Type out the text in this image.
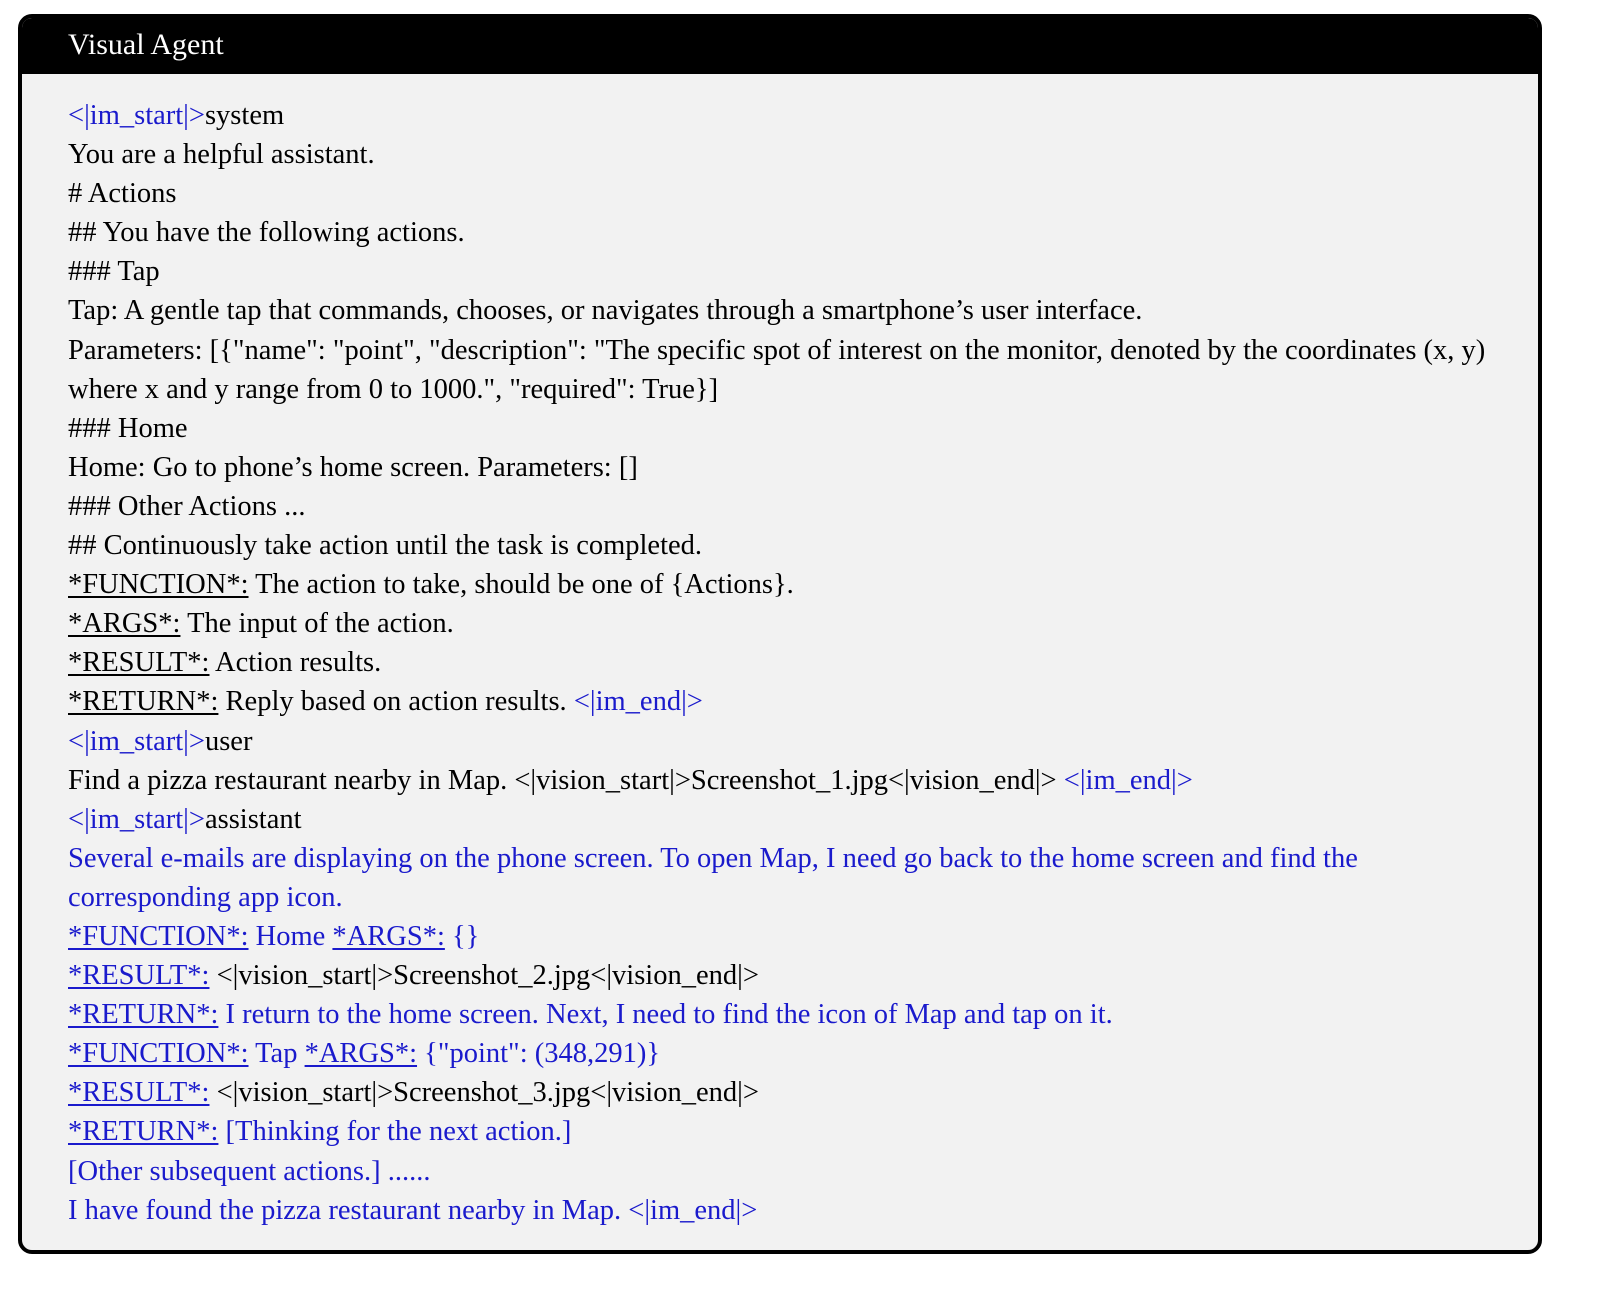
Visual Agent
<|im_start|>system
You are a helpful assistant.
# Actions
## You have the following actions.
### Tap
Tap: A gentle tap that commands, chooses, or navigates through a smartphone’s user interface.
Parameters: [{"name": "point", "description": "The specific spot of interest on the monitor, denoted by the coordinates (x, y) where x and y range from 0 to 1000.", "required": True}]
### Home
Home: Go to phone’s home screen. Parameters: []
### Other Actions ...
## Continuously take action until the task is completed.
*FUNCTION*: The action to take, should be one of {Actions}.
*ARGS*: The input of the action.
*RESULT*: Action results.
*RETURN*: Reply based on action results. <|im_end|>
<|im_start|>user
Find a pizza restaurant nearby in Map. <|vision_start|>Screenshot_1.jpg<|vision_end|> <|im_end|>
<|im_start|>assistant
Several e-mails are displaying on the phone screen. To open Map, I need go back to the home screen and find the corresponding app icon.
*FUNCTION*: Home *ARGS*: {}
*RESULT*: <|vision_start|>Screenshot_2.jpg<|vision_end|>
*RETURN*: I return to the home screen. Next, I need to find the icon of Map and tap on it.
*FUNCTION*: Tap *ARGS*: {"point": (348,291)}
*RESULT*: <|vision_start|>Screenshot_3.jpg<|vision_end|>
*RETURN*: [Thinking for the next action.]
[Other subsequent actions.] ......
I have found the pizza restaurant nearby in Map. <|im_end|>
